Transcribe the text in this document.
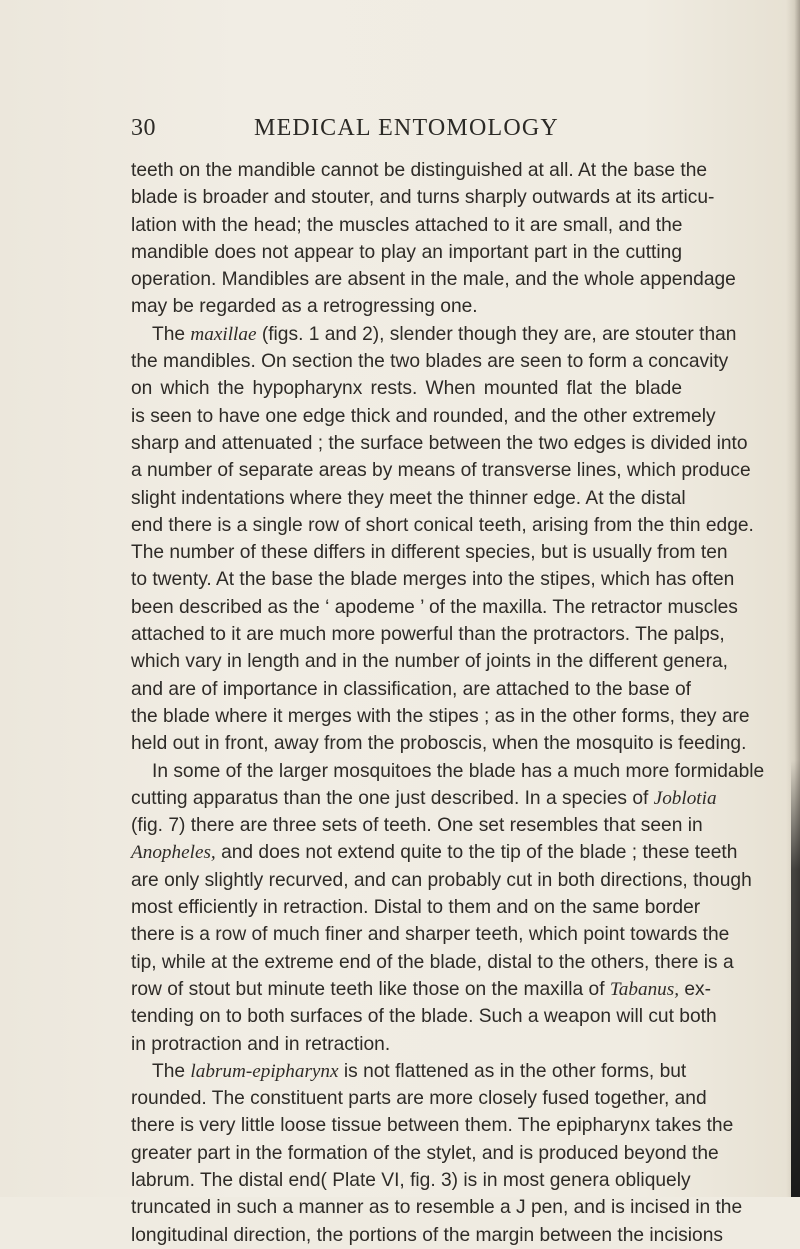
30	MEDICAL ENTOMOLOGY
teeth on the mandible cannot be distinguished at all. At the base the
blade is broader and stouter, and turns sharply outwards at its articu-
lation with the head; the muscles attached to it are small, and the
mandible does not appear to play an important part in the cutting
operation. Mandibles are absent in the male, and the whole appendage
may be regarded as a retrogressing one.
The maxillae (figs. 1 and 2), slender though they are, are stouter than
the mandibles. On section the two blades are seen to form a concavity
on which the hypopharynx rests. When mounted flat the blade
is seen to have one edge thick and rounded, and the other extremely
sharp and attenuated ; the surface between the two edges is divided into
a number of separate areas by means of transverse lines, which produce
slight indentations where they meet the thinner edge. At the distal
end there is a single row of short conical teeth, arising from the thin edge.
The number of these differs in different species, but is usually from ten
to twenty. At the base the blade merges into the stipes, which has often
been described as the ‘ apodeme ’ of the maxilla. The retractor muscles
attached to it are much more powerful than the protractors. The palps,
which vary in length and in the number of joints in the different genera,
and are of importance in classification, are attached to the base of
the blade where it merges with the stipes ; as in the other forms, they are
held out in front, away from the proboscis, when the mosquito is feeding.
In some of the larger mosquitoes the blade has a much more formidable
cutting apparatus than the one just described. In a species of Joblotia
(fig. 7) there are three sets of teeth. One set resembles that seen in
Anopheles, and does not extend quite to the tip of the blade ; these teeth
are only slightly recurved, and can probably cut in both directions, though
most efficiently in retraction. Distal to them and on the same border
there is a row of much finer and sharper teeth, which point towards the
tip, while at the extreme end of the blade, distal to the others, there is a
row of stout but minute teeth like those on the maxilla of Tabanus, ex-
tending on to both surfaces of the blade. Such a weapon will cut both
in protraction and in retraction.
The labrum-epipharynx is not flattened as in the other forms, but
rounded. The constituent parts are more closely fused together, and
there is very little loose tissue between them. The epipharynx takes the
greater part in the formation of the stylet, and is produced beyond the
labrum. The distal end( Plate VI, fig. 3) is in most genera obliquely
truncated in such a manner as to resemble a J pen, and is incised in the
longitudinal direction, the portions of the margin between the incisions
